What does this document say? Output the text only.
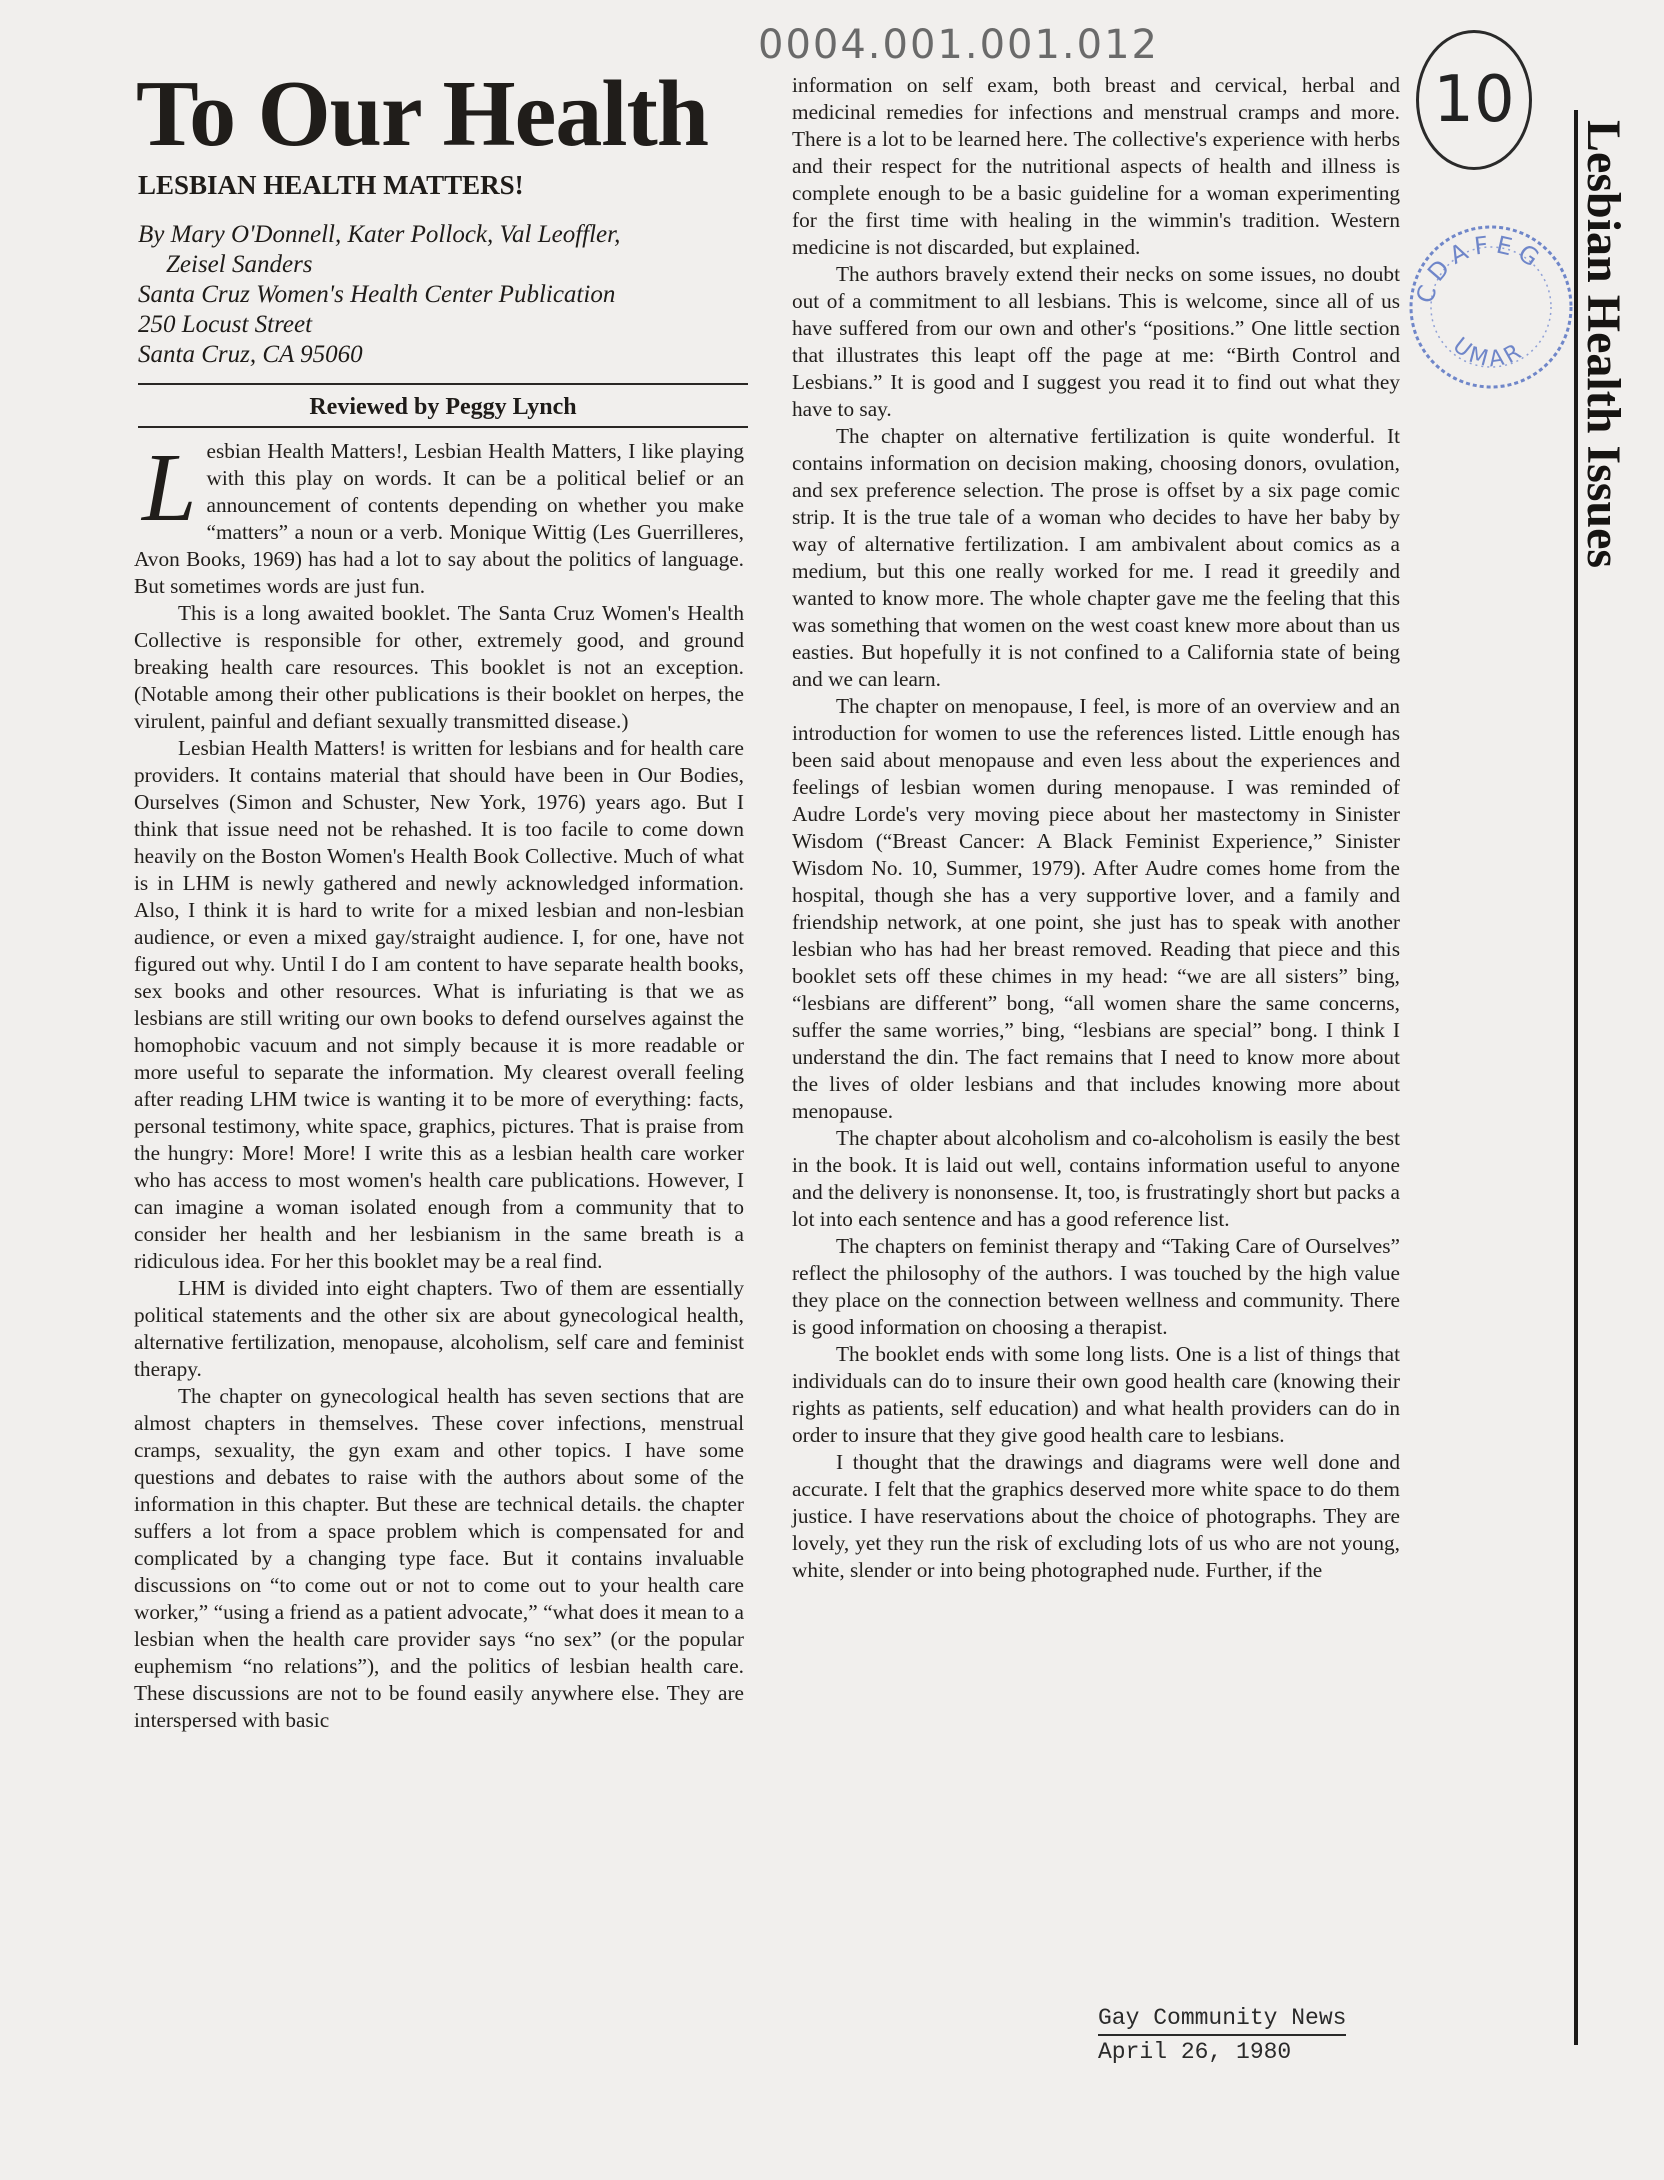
0004.001.001.012
10
CDAFEG
UMAR Lesbian Health Issues
To Our Health
LESBIAN HEALTH MATTERS!
By Mary O'Donnell, Kater Pollock, Val Leoffler,
Zeisel Sanders
Santa Cruz Women's Health Center Publication
250 Locust Street
Santa Cruz, CA 95060
Reviewed by Peggy Lynch

Lesbian Health Matters!, Lesbian Health Matters, I like playing with this play on words. It can be a political belief or an announcement of contents depending on whether you make “matters” a noun or a verb. Monique Wittig (Les Guerrilleres, Avon Books, 1969) has had a lot to say about the politics of language. But sometimes words are just fun.

This is a long awaited booklet. The Santa Cruz Women's Health Collective is responsible for other, extremely good, and ground breaking health care resources. This booklet is not an exception. (Notable among their other publications is their booklet on herpes, the virulent, painful and defiant sexually transmitted disease.)

Lesbian Health Matters! is written for lesbians and for health care providers. It contains material that should have been in Our Bodies, Ourselves (Simon and Schuster, New York, 1976) years ago. But I think that issue need not be rehashed. It is too facile to come down heavily on the Boston Women's Health Book Collective. Much of what is in LHM is newly gathered and newly acknowledged information. Also, I think it is hard to write for a mixed lesbian and non-lesbian audience, or even a mixed gay/straight audience. I, for one, have not figured out why. Until I do I am content to have separate health books, sex books and other resources. What is infuriating is that we as lesbians are still writing our own books to defend ourselves against the homophobic vacuum and not simply because it is more readable or more useful to separate the information. My clearest overall feeling after reading LHM twice is wanting it to be more of everything: facts, personal testimony, white space, graphics, pictures. That is praise from the hungry: More! More! I write this as a lesbian health care worker who has access to most women's health care publications. However, I can imagine a woman isolated enough from a community that to consider her health and her lesbianism in the same breath is a ridiculous idea. For her this booklet may be a real find.

LHM is divided into eight chapters. Two of them are essentially political statements and the other six are about gynecological health, alternative fertilization, menopause, alcoholism, self care and feminist therapy.

The chapter on gynecological health has seven sections that are almost chapters in themselves. These cover infections, menstrual cramps, sexuality, the gyn exam and other topics. I have some questions and debates to raise with the authors about some of the information in this chapter. But these are technical details. the chapter suffers a lot from a space problem which is compensated for and complicated by a changing type face. But it contains invaluable discussions on “to come out or not to come out to your health care worker,” “using a friend as a patient advocate,” “what does it mean to a lesbian when the health care provider says “no sex” (or the popular euphemism “no relations”), and the politics of lesbian health care. These discussions are not to be found easily anywhere else. They are interspersed with basic

information on self exam, both breast and cervical, herbal and medicinal remedies for infections and menstrual cramps and more. There is a lot to be learned here. The collective's experience with herbs and their respect for the nutritional aspects of health and illness is complete enough to be a basic guideline for a woman experimenting for the first time with healing in the wimmin's tradition. Western medicine is not discarded, but explained.

The authors bravely extend their necks on some issues, no doubt out of a commitment to all lesbians. This is welcome, since all of us have suffered from our own and other's “positions.” One little section that illustrates this leapt off the page at me: “Birth Control and Lesbians.” It is good and I suggest you read it to find out what they have to say.

The chapter on alternative fertilization is quite wonderful. It contains information on decision making, choosing donors, ovulation, and sex preference selection. The prose is offset by a six page comic strip. It is the true tale of a woman who decides to have her baby by way of alternative fertilization. I am ambivalent about comics as a medium, but this one really worked for me. I read it greedily and wanted to know more. The whole chapter gave me the feeling that this was something that women on the west coast knew more about than us easties. But hopefully it is not confined to a California state of being and we can learn.

The chapter on menopause, I feel, is more of an overview and an introduction for women to use the references listed. Little enough has been said about menopause and even less about the experiences and feelings of lesbian women during menopause. I was reminded of Audre Lorde's very moving piece about her mastectomy in Sinister Wisdom (“Breast Cancer: A Black Feminist Experience,” Sinister Wisdom No. 10, Summer, 1979). After Audre comes home from the hospital, though she has a very supportive lover, and a family and friendship network, at one point, she just has to speak with another lesbian who has had her breast removed. Reading that piece and this booklet sets off these chimes in my head: “we are all sisters” bing, “lesbians are different” bong, “all women share the same concerns, suffer the same worries,” bing, “lesbians are special” bong. I think I understand the din. The fact remains that I need to know more about the lives of older lesbians and that includes knowing more about menopause.

The chapter about alcoholism and co-alcoholism is easily the best in the book. It is laid out well, contains information useful to anyone and the delivery is nononsense. It, too, is frustratingly short but packs a lot into each sentence and has a good reference list.

The chapters on feminist therapy and “Taking Care of Ourselves” reflect the philosophy of the authors. I was touched by the high value they place on the connection between wellness and community. There is good information on choosing a therapist.

The booklet ends with some long lists. One is a list of things that individuals can do to insure their own good health care (knowing their rights as patients, self education) and what health providers can do in order to insure that they give good health care to lesbians.

I thought that the drawings and diagrams were well done and accurate. I felt that the graphics deserved more white space to do them justice. I have reservations about the choice of photographs. They are lovely, yet they run the risk of excluding lots of us who are not young, white, slender or into being photographed nude. Further, if the

Gay Community News
April 26, 1980
